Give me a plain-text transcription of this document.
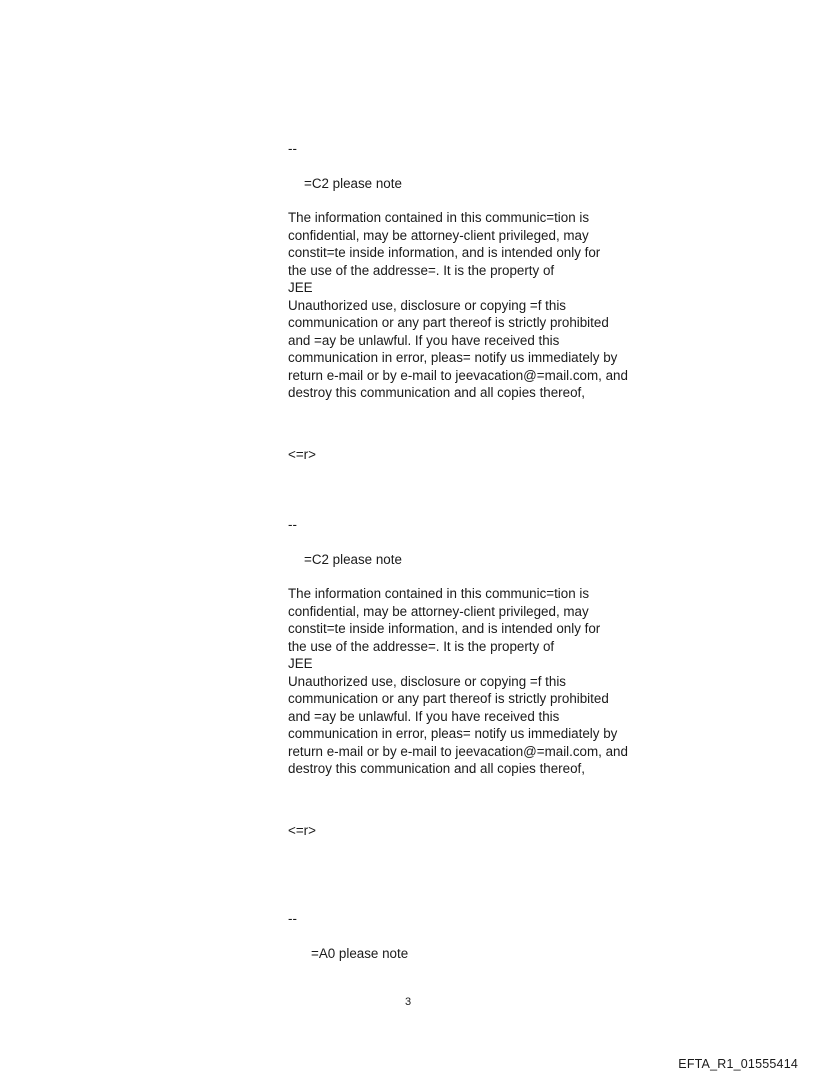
--

=C2 please note

The information contained in this communic=tion is
confidential, may be attorney-client privileged, may
constit=te inside information, and is intended only for
the use of the addresse=. It is the property of
JEE
Unauthorized use, disclosure or copying =f this
communication or any part thereof is strictly prohibited
and =ay be unlawful. If you have received this
communication in error, pleas= notify us immediately by
return e-mail or by e-mail to jeevacation@=mail.com, and
destroy this communication and all copies thereof,

<=r>

--

=C2 please note

The information contained in this communic=tion is
confidential, may be attorney-client privileged, may
constit=te inside information, and is intended only for
the use of the addresse=. It is the property of
JEE
Unauthorized use, disclosure or copying =f this
communication or any part thereof is strictly prohibited
and =ay be unlawful. If you have received this
communication in error, pleas= notify us immediately by
return e-mail or by e-mail to jeevacation@=mail.com, and
destroy this communication and all copies thereof,

<=r>

--

=A0 please note

3
EFTA_R1_01555414
